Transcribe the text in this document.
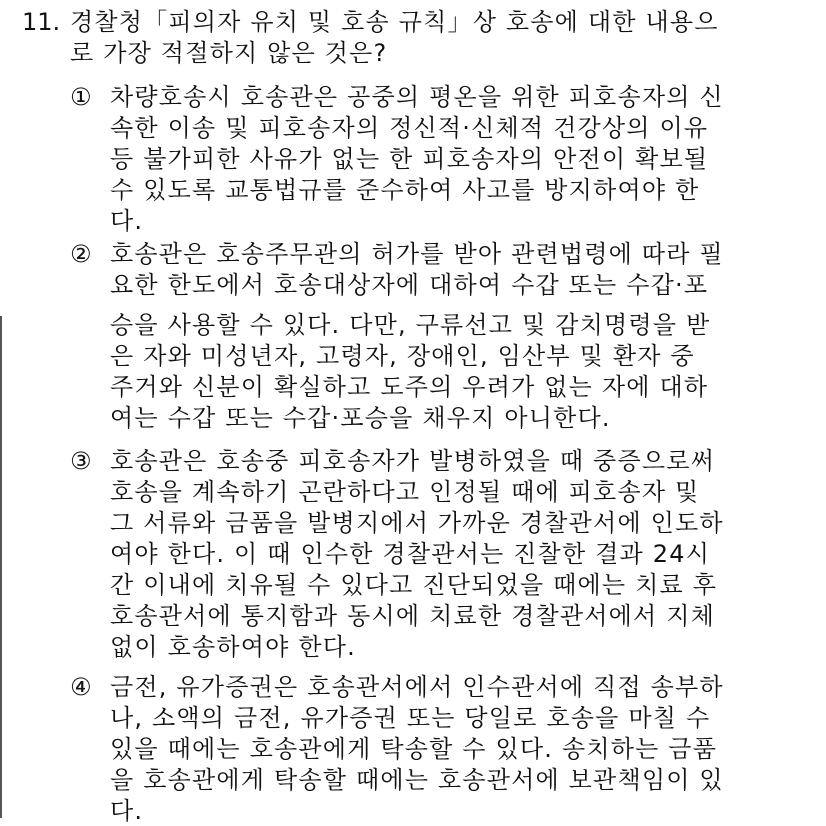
11. 경찰청「피의자 유치 및 호송 규칙」상 호송에 대한 내용으
로 가장 적절하지 않은 것은?
① 차량호송시 호송관은 공중의 평온을 위한 피호송자의 신
속한 이송 및 피호송자의 정신적·신체적 건강상의 이유
등 불가피한 사유가 없는 한 피호송자의 안전이 확보될
수 있도록 교통법규를 준수하여 사고를 방지하여야 한
다.
② 호송관은 호송주무관의 허가를 받아 관련법령에 따라 필
요한 한도에서 호송대상자에 대하여 수갑 또는 수갑·포
승을 사용할 수 있다. 다만, 구류선고 및 감치명령을 받
은 자와 미성년자, 고령자, 장애인, 임산부 및 환자 중
주거와 신분이 확실하고 도주의 우려가 없는 자에 대하
여는 수갑 또는 수갑·포승을 채우지 아니한다.
③ 호송관은 호송중 피호송자가 발병하였을 때 중증으로써
호송을 계속하기 곤란하다고 인정될 때에 피호송자 및
그 서류와 금품을 발병지에서 가까운 경찰관서에 인도하
여야 한다. 이 때 인수한 경찰관서는 진찰한 결과 24시
간 이내에 치유될 수 있다고 진단되었을 때에는 치료 후
호송관서에 통지함과 동시에 치료한 경찰관서에서 지체
없이 호송하여야 한다.
④ 금전, 유가증권은 호송관서에서 인수관서에 직접 송부하
나, 소액의 금전, 유가증권 또는 당일로 호송을 마칠 수
있을 때에는 호송관에게 탁송할 수 있다. 송치하는 금품
을 호송관에게 탁송할 때에는 호송관서에 보관책임이 있
다.
